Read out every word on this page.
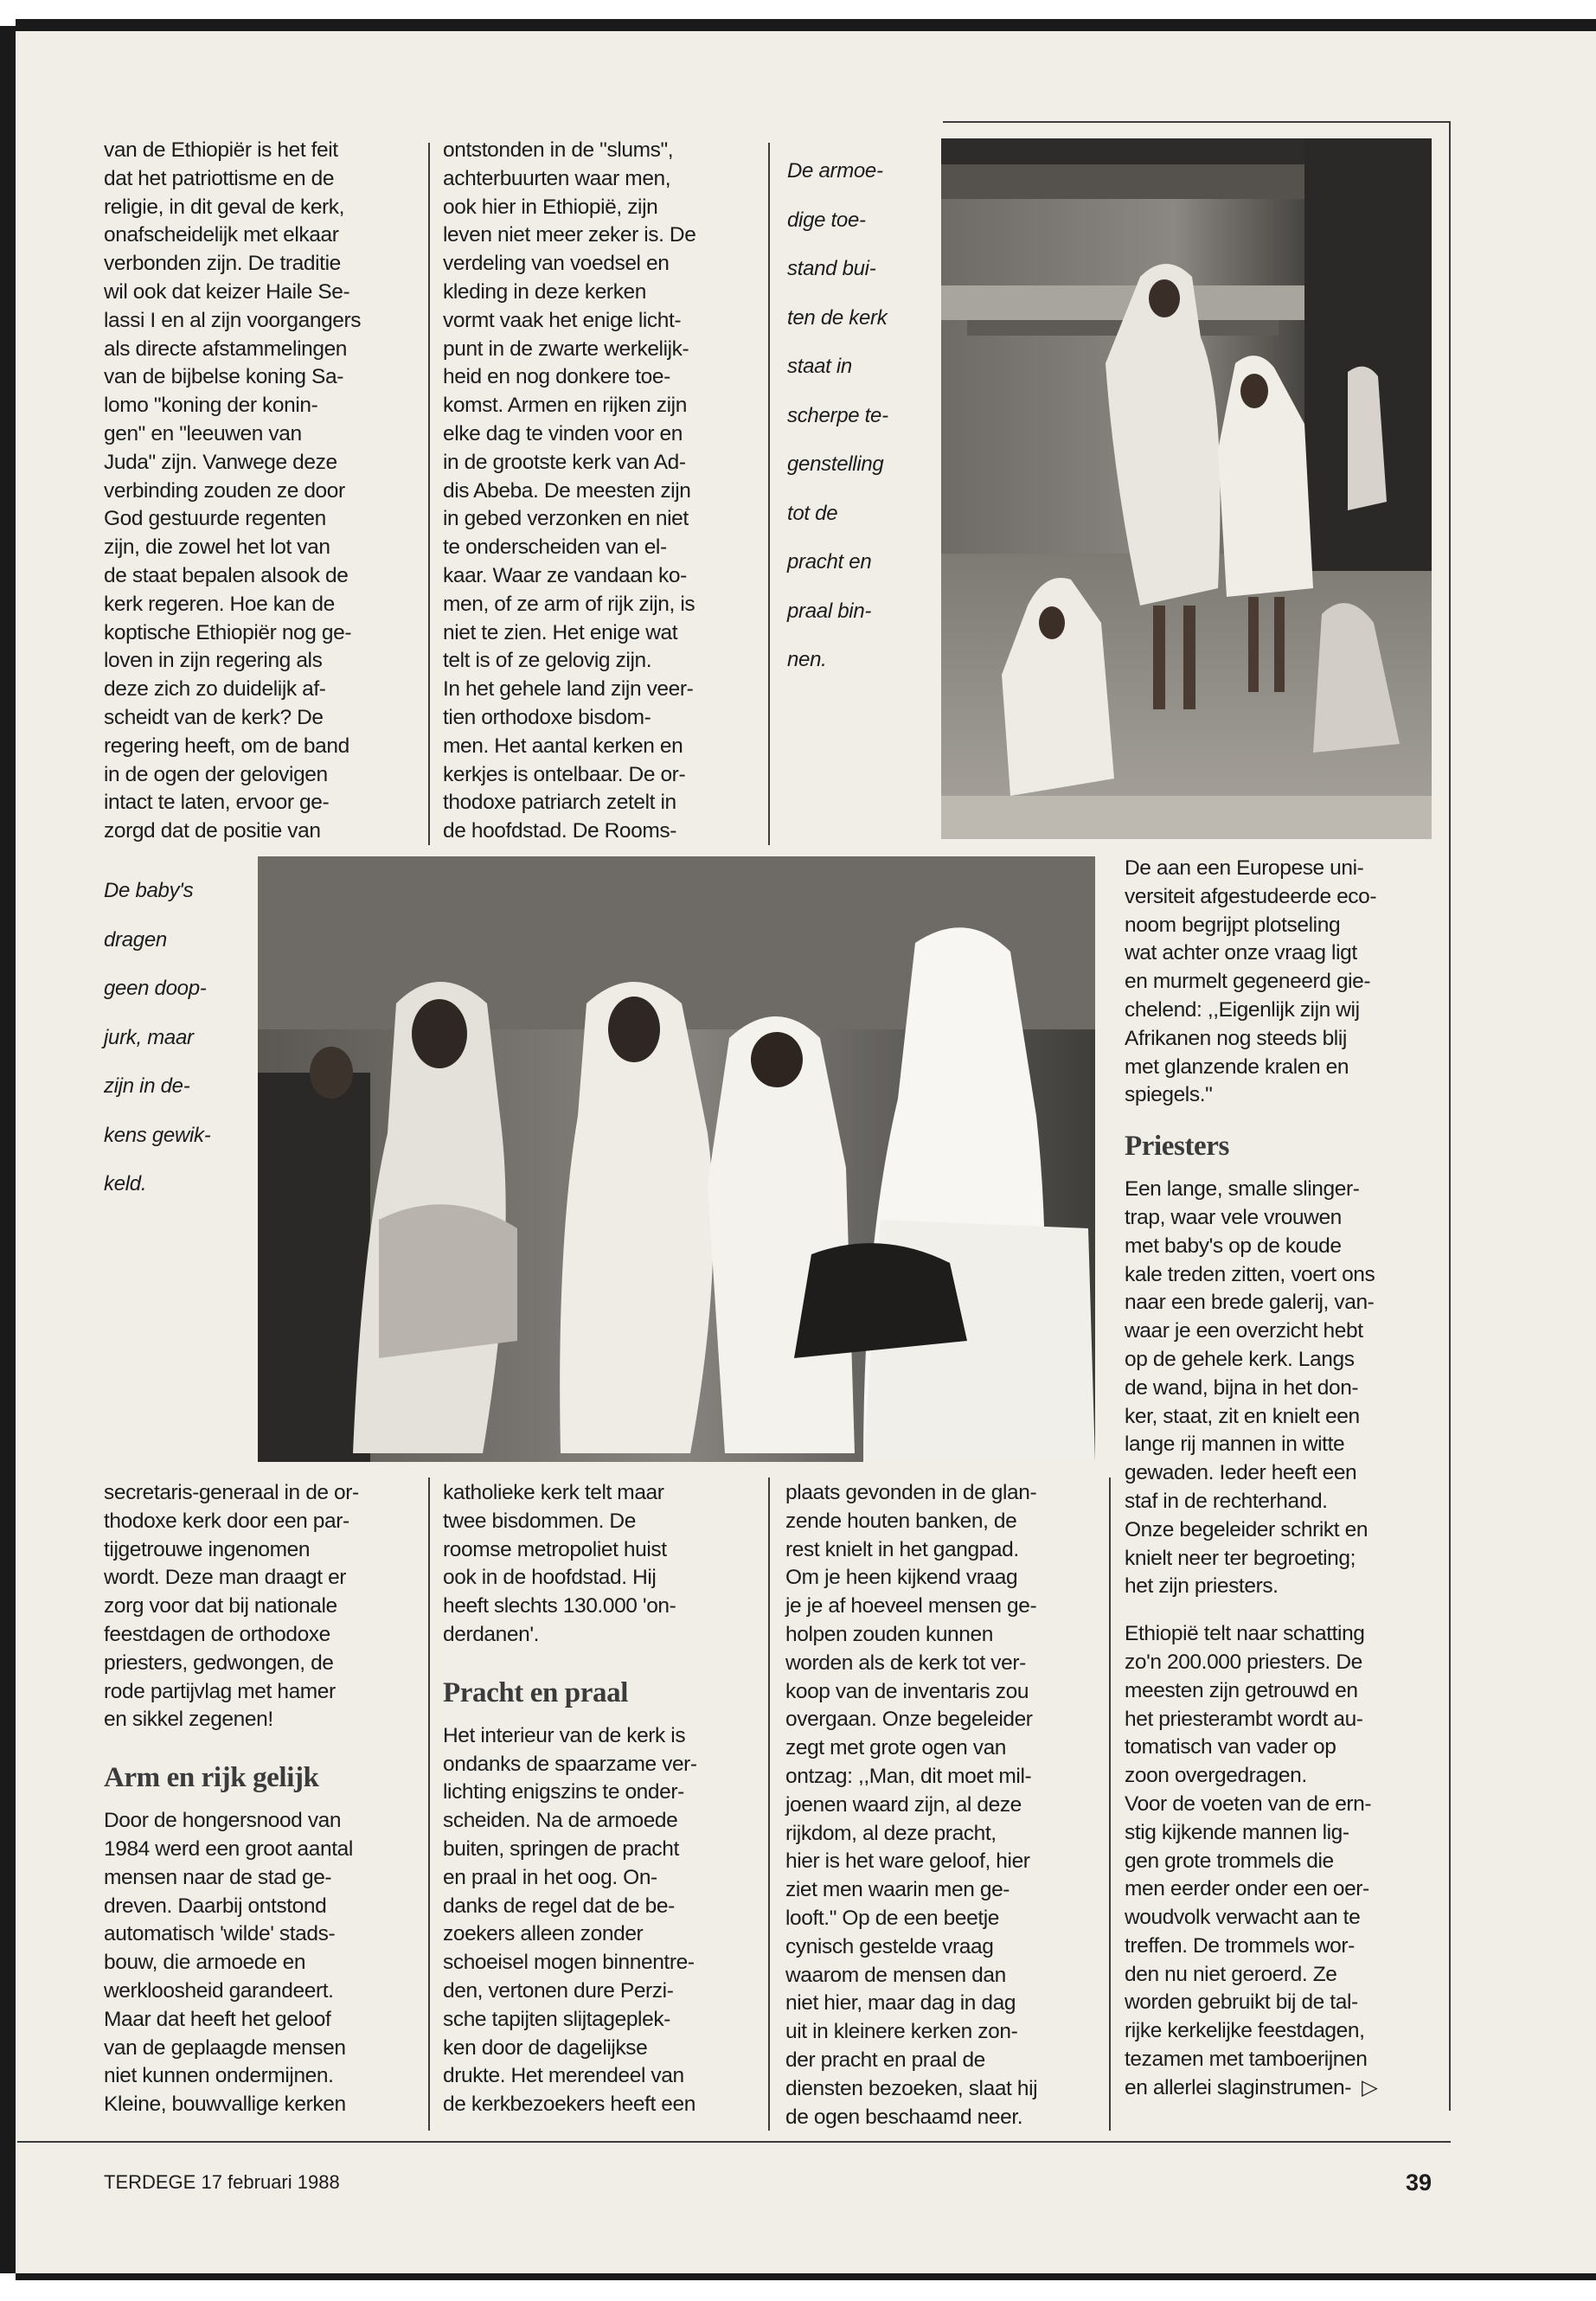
van de Ethiopiër is het feit

dat het patriottisme en de

religie, in dit geval de kerk,

onafscheidelijk met elkaar

verbonden zijn. De traditie

wil ook dat keizer Haile Se-

lassi I en al zijn voorgangers

als directe afstammelingen

van de bijbelse koning Sa-

lomo "koning der konin-

gen" en "leeuwen van

Juda" zijn. Vanwege deze

verbinding zouden ze door

God gestuurde regenten

zijn, die zowel het lot van

de staat bepalen alsook de

kerk regeren. Hoe kan de

koptische Ethiopiër nog ge-

loven in zijn regering als

deze zich zo duidelijk af-

scheidt van de kerk? De

regering heeft, om de band

in de ogen der gelovigen

intact te laten, ervoor ge-

zorgd dat de positie van

ontstonden in de "slums",

achterbuurten waar men,

ook hier in Ethiopië, zijn

leven niet meer zeker is. De

verdeling van voedsel en

kleding in deze kerken

vormt vaak het enige licht-

punt in de zwarte werkelijk-

heid en nog donkere toe-

komst. Armen en rijken zijn

elke dag te vinden voor en

in de grootste kerk van Ad-

dis Abeba. De meesten zijn

in gebed verzonken en niet

te onderscheiden van el-

kaar. Waar ze vandaan ko-

men, of ze arm of rijk zijn, is

niet te zien. Het enige wat

telt is of ze gelovig zijn.

In het gehele land zijn veer-

tien orthodoxe bisdom-

men. Het aantal kerken en

kerkjes is ontelbaar. De or-

thodoxe patriarch zetelt in

de hoofdstad. De Rooms-

De armoe-

dige toe-

stand bui-

ten de kerk

staat in

scherpe te-

genstelling

tot de

pracht en

praal bin-

nen.

De baby's

dragen

geen doop-

jurk, maar

zijn in de-

kens gewik-

keld.

De aan een Europese uni-

versiteit afgestudeerde eco-

noom begrijpt plotseling

wat achter onze vraag ligt

en murmelt gegeneerd gie-

chelend: ,,Eigenlijk zijn wij

Afrikanen nog steeds blij

met glanzende kralen en

spiegels."

Priesters

Een lange, smalle slinger-

trap, waar vele vrouwen

met baby's op de koude

kale treden zitten, voert ons

naar een brede galerij, van-

waar je een overzicht hebt

op de gehele kerk. Langs

de wand, bijna in het don-

ker, staat, zit en knielt een

lange rij mannen in witte

gewaden. Ieder heeft een

staf in de rechterhand.

Onze begeleider schrikt en

knielt neer ter begroeting;

het zijn priesters.

Ethiopië telt naar schatting

zo'n 200.000 priesters. De

meesten zijn getrouwd en

het priesterambt wordt au-

tomatisch van vader op

zoon overgedragen.

Voor de voeten van de ern-

stig kijkende mannen lig-

gen grote trommels die

men eerder onder een oer-

woudvolk verwacht aan te

treffen. De trommels wor-

den nu niet geroerd. Ze

worden gebruikt bij de tal-

rijke kerkelijke feestdagen,

tezamen met tamboerijnen

en allerlei slaginstrumen- ▷

secretaris-generaal in de or-

thodoxe kerk door een par-

tijgetrouwe ingenomen

wordt. Deze man draagt er

zorg voor dat bij nationale

feestdagen de orthodoxe

priesters, gedwongen, de

rode partijvlag met hamer

en sikkel zegenen!

Arm en rijk gelijk

Door de hongersnood van

1984 werd een groot aantal

mensen naar de stad ge-

dreven. Daarbij ontstond

automatisch 'wilde' stads-

bouw, die armoede en

werkloosheid garandeert.

Maar dat heeft het geloof

van de geplaagde mensen

niet kunnen ondermijnen.

Kleine, bouwvallige kerken

katholieke kerk telt maar

twee bisdommen. De

roomse metropoliet huist

ook in de hoofdstad. Hij

heeft slechts 130.000 'on-

derdanen'.

Pracht en praal

Het interieur van de kerk is

ondanks de spaarzame ver-

lichting enigszins te onder-

scheiden. Na de armoede

buiten, springen de pracht

en praal in het oog. On-

danks de regel dat de be-

zoekers alleen zonder

schoeisel mogen binnentre-

den, vertonen dure Perzi-

sche tapijten slijtageplek-

ken door de dagelijkse

drukte. Het merendeel van

de kerkbezoekers heeft een

plaats gevonden in de glan-

zende houten banken, de

rest knielt in het gangpad.

Om je heen kijkend vraag

je je af hoeveel mensen ge-

holpen zouden kunnen

worden als de kerk tot ver-

koop van de inventaris zou

overgaan. Onze begeleider

zegt met grote ogen van

ontzag: ,,Man, dit moet mil-

joenen waard zijn, al deze

rijkdom, al deze pracht,

hier is het ware geloof, hier

ziet men waarin men ge-

looft." Op de een beetje

cynisch gestelde vraag

waarom de mensen dan

niet hier, maar dag in dag

uit in kleinere kerken zon-

der pracht en praal de

diensten bezoeken, slaat hij

de ogen beschaamd neer.

TERDEGE 17 februari 1988	39
